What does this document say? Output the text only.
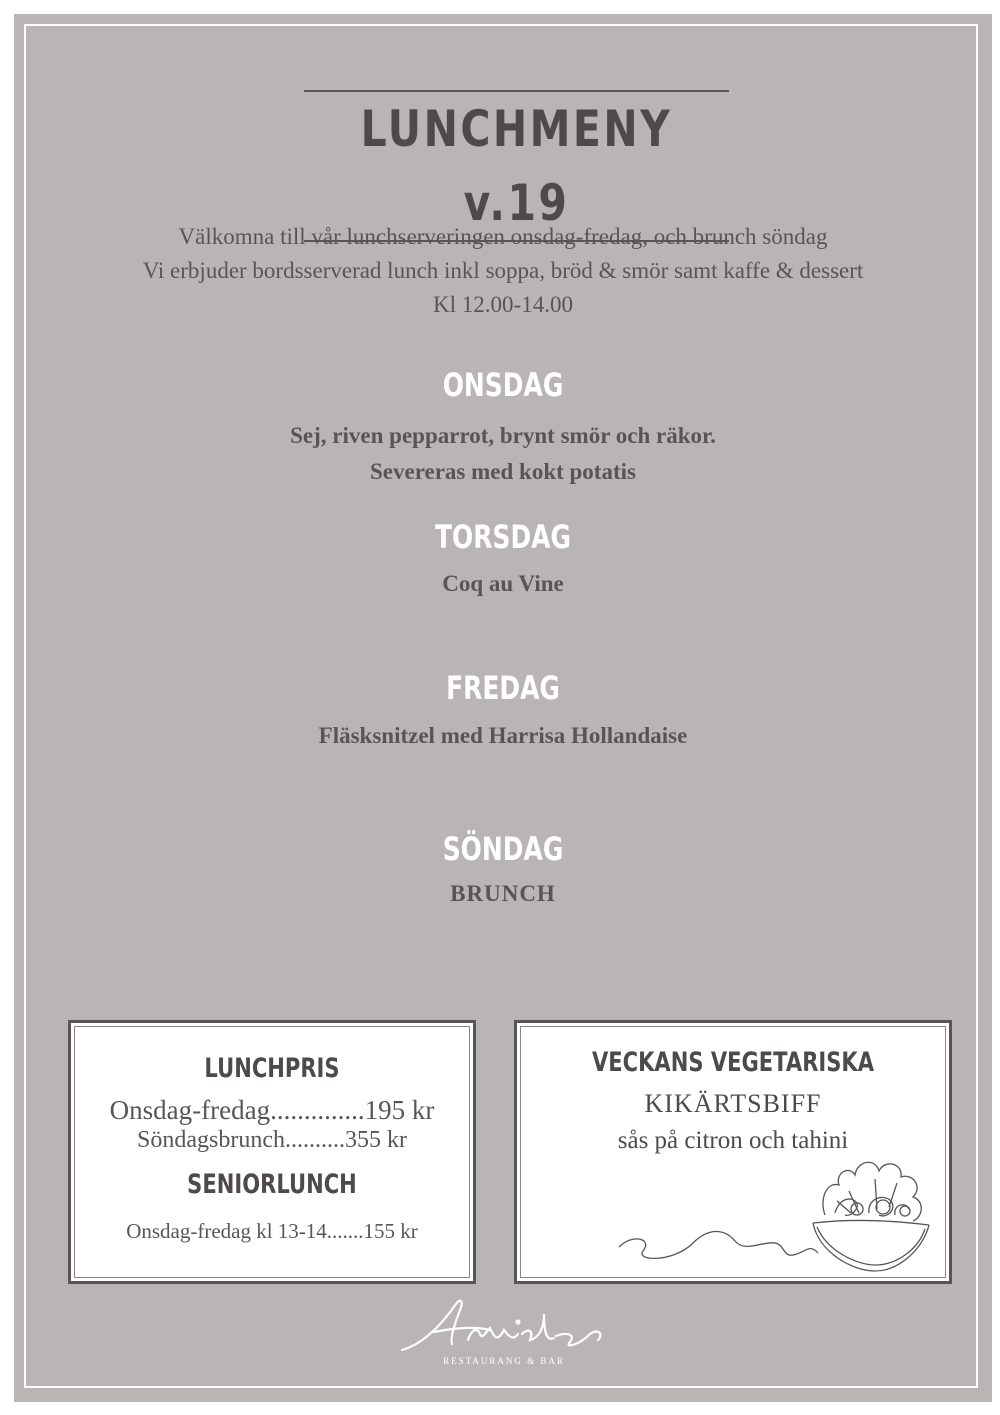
LUNCHMENY v.19
Välkomna till vår lunchserveringen onsdag-fredag, och brunch söndag
Vi erbjuder bordsserverad lunch inkl soppa, bröd & smör samt kaffe & dessert
Kl 12.00-14.00
ONSDAG
Sej, riven pepparrot, brynt smör och räkor.
Severeras med kokt potatis
TORSDAG
Coq au Vine
FREDAG
Fläsksnitzel med Harrisa Hollandaise
SÖNDAG
BRUNCH
LUNCHPRIS
Onsdag-fredag..............195 kr
Söndagsbrunch..........355 kr
SENIORLUNCH
Onsdag-fredag kl 13-14.......155 kr
VECKANS VEGETARISKA
KIKÄRTSBIFF
sås på citron och tahini
RESTAURANG & BAR
